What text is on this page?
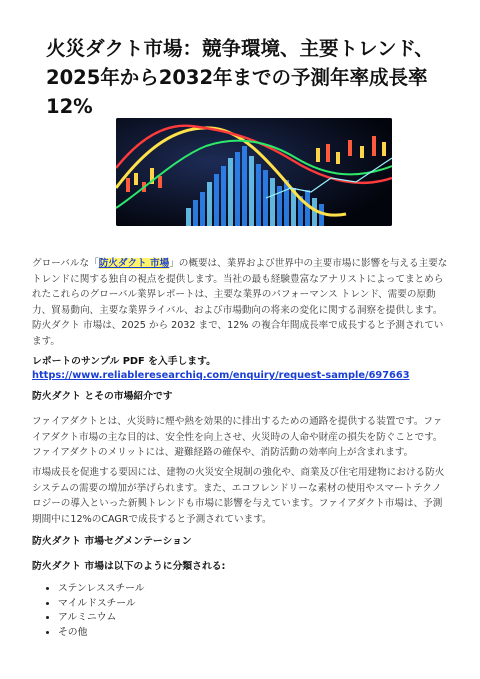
火災ダクト市場：競争環境、主要トレンド、
2025年から2032年までの予測年率成長率12%

グローバルな「防火ダクト 市場」の概要は、業界および世界中の主要市場に影響を与える主要なトレンドに関する独自の視点を提供します。当社の最も経験豊富なアナリストによってまとめられたこれらのグローバル業界レポートは、主要な業界のパフォーマンス トレンド、需要の原動力、貿易動向、主要な業界ライバル、および市場動向の将来の変化に関する洞察を提供します。防火ダクト 市場は、2025 から 2032 まで、12% の複合年間成長率で成長すると予測されています。

レポートのサンプル PDF を入手します。 https://www.reliableresearchiq.com/enquiry/request-sample/697663

防火ダクト とその市場紹介です

ファイアダクトとは、火災時に煙や熱を効果的に排出するための通路を提供する装置です。ファイアダクト市場の主な目的は、安全性を向上させ、火災時の人命や財産の損失を防ぐことです。ファイアダクトのメリットには、避難経路の確保や、消防活動の効率向上が含まれます。

市場成長を促進する要因には、建物の火災安全規制の強化や、商業及び住宅用建物における防火システムの需要の増加が挙げられます。また、エコフレンドリーな素材の使用やスマートテクノロジーの導入といった新興トレンドも市場に影響を与えています。ファイアダクト市場は、予測期間中に12%のCAGRで成長すると予測されています。

防火ダクト 市場セグメンテーション
防火ダクト 市場は以下のように分類される:
• ステンレススチール
• マイルドスチール
• アルミニウム
• その他
